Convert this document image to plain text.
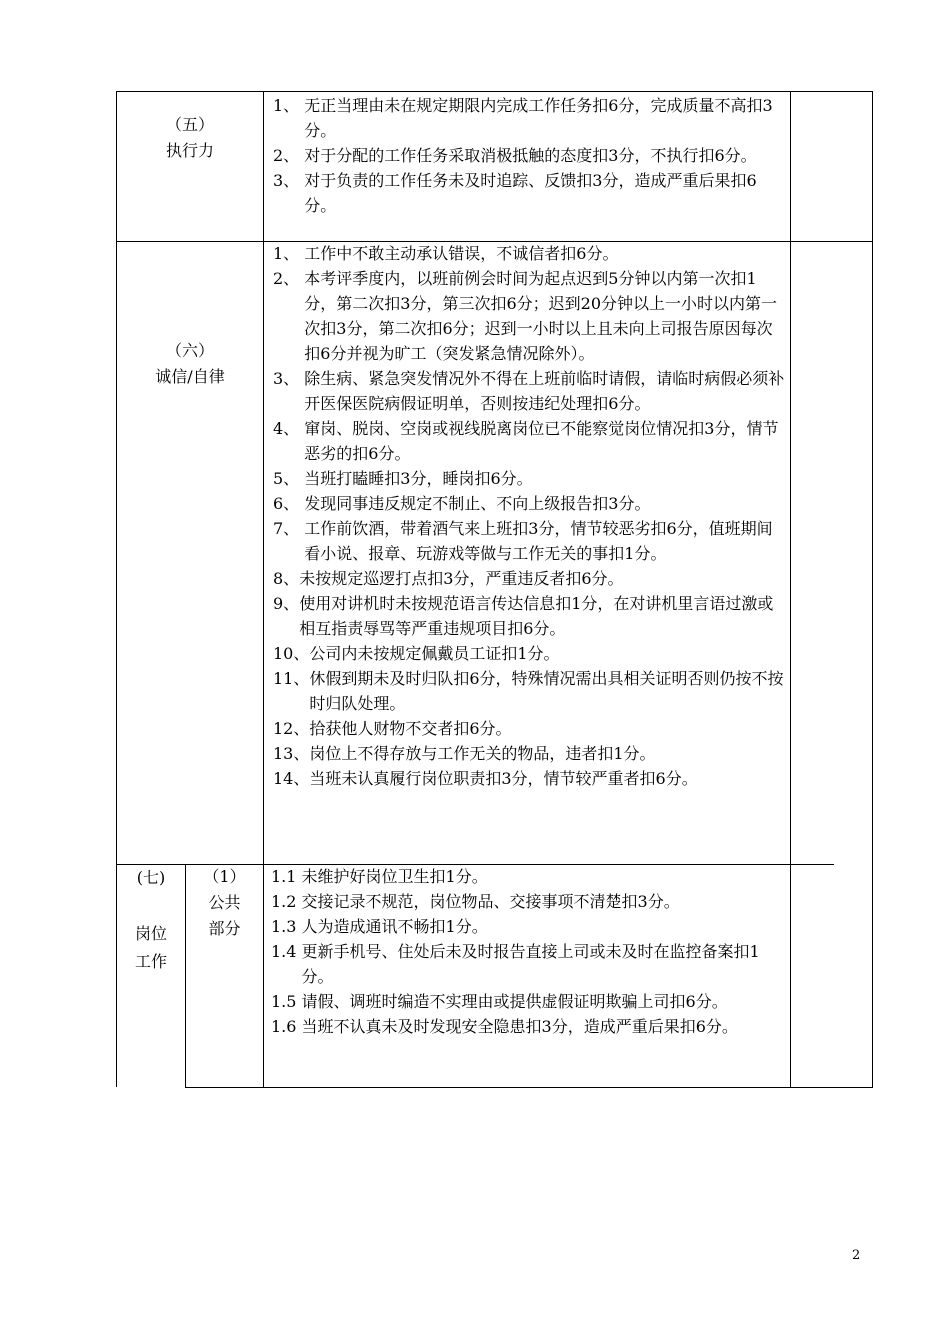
（五）
执行力
1、 无正当理由未在规定期限内完成工作任务扣6分，完成质量不高扣3分。
2、 对于分配的工作任务采取消极抵触的态度扣3分，不执行扣6分。
3、 对于负责的工作任务未及时追踪、反馈扣3分，造成严重后果扣6分。
（六）
诚信/自律
1、 工作中不敢主动承认错误，不诚信者扣6分。
2、 本考评季度内，以班前例会时间为起点迟到5分钟以内第一次扣1分，第二次扣3分，第三次扣6分；迟到20分钟以上一小时以内第一次扣3分，第二次扣6分；迟到一小时以上且未向上司报告原因每次扣6分并视为旷工（突发紧急情况除外）。
3、 除生病、紧急突发情况外不得在上班前临时请假，请临时病假必须补开医保医院病假证明单，否则按违纪处理扣6分。
4、 窜岗、脱岗、空岗或视线脱离岗位已不能察觉岗位情况扣3分，情节恶劣的扣6分。
5、 当班打瞌睡扣3分，睡岗扣6分。
6、 发现同事违反规定不制止、不向上级报告扣3分。
7、 工作前饮酒，带着酒气来上班扣3分，情节较恶劣扣6分，值班期间看小说、报章、玩游戏等做与工作无关的事扣1分。
8、 未按规定巡逻打点扣3分，严重违反者扣6分。
9、 使用对讲机时未按规范语言传达信息扣1分，在对讲机里言语过激或相互指责辱骂等严重违规项目扣6分。
10、 公司内未按规定佩戴员工证扣1分。
11、 休假到期未及时归队扣6分，特殊情况需出具相关证明否则仍按不按时归队处理。
12、 拾获他人财物不交者扣6分。
13、 岗位上不得存放与工作无关的物品，违者扣1分。
14、 当班未认真履行岗位职责扣3分，情节较严重者扣6分。
(七)
岗位工作
（1）
公共部分
1.1 未维护好岗位卫生扣1分。
1.2 交接记录不规范，岗位物品、交接事项不清楚扣3分。
1.3 人为造成通讯不畅扣1分。
1.4 更新手机号、住处后未及时报告直接上司或未及时在监控备案扣1分。
1.5 请假、调班时编造不实理由或提供虚假证明欺骗上司扣6分。
1.6 当班不认真未及时发现安全隐患扣3分，造成严重后果扣6分。
2
